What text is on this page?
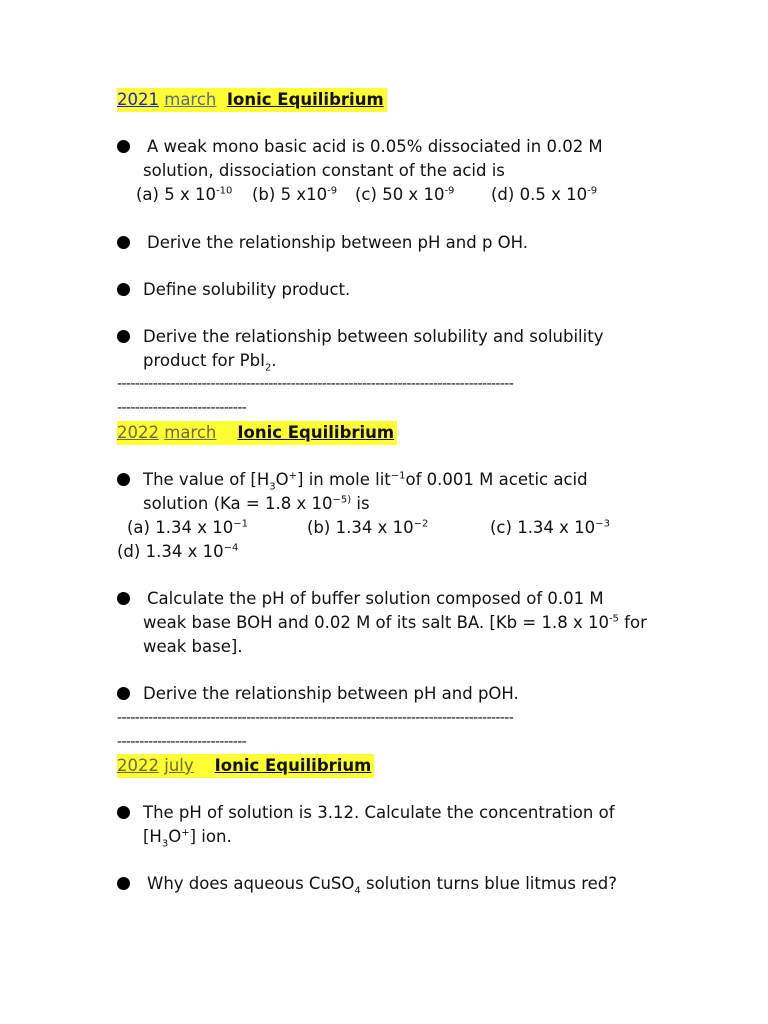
2021 march Ionic Equilibrium
A weak mono basic acid is 0.05% dissociated in 0.02 M
solution, dissociation constant of the acid is
(a) 5 x $10^{-10}$ (b) 5 $x10^{-9}$ (c) 50 x $10^{-9}$ (d) 0.5 x $10^{-9}$
Derive the relationship between pH and p OH.
Define solubility product.
Derive the relationship between solubility and solubility
product for PbI$_2$.
-----------------------------------------------------------------------------------------
-----------------------------
2022 march Ionic Equilibrium
The value of $[H_3O^+]$ in mole lit$^{-1}$of 0.001 M acetic acid
solution (Ka = 1.8 x $10^{-5)}$ is
(a) 1.34 x $10^{-1}$	(b) 1.34 x $10^{-2}$	(c) 1.34 x $10^{-3}$
(d) 1.34 x $10^{-4}$
Calculate the pH of buffer solution composed of 0.01 M
weak base BOH and 0.02 M of its salt BA. [Kb = 1.8 x $10^{-5}$ for
weak base].
Derive the relationship between pH and pOH.
-----------------------------------------------------------------------------------------
-----------------------------
2022 july Ionic Equilibrium
The pH of solution is 3.12. Calculate the concentration of
$[H_3O^+]$ ion.
Why does aqueous CuSO$_4$ solution turns blue litmus red?
